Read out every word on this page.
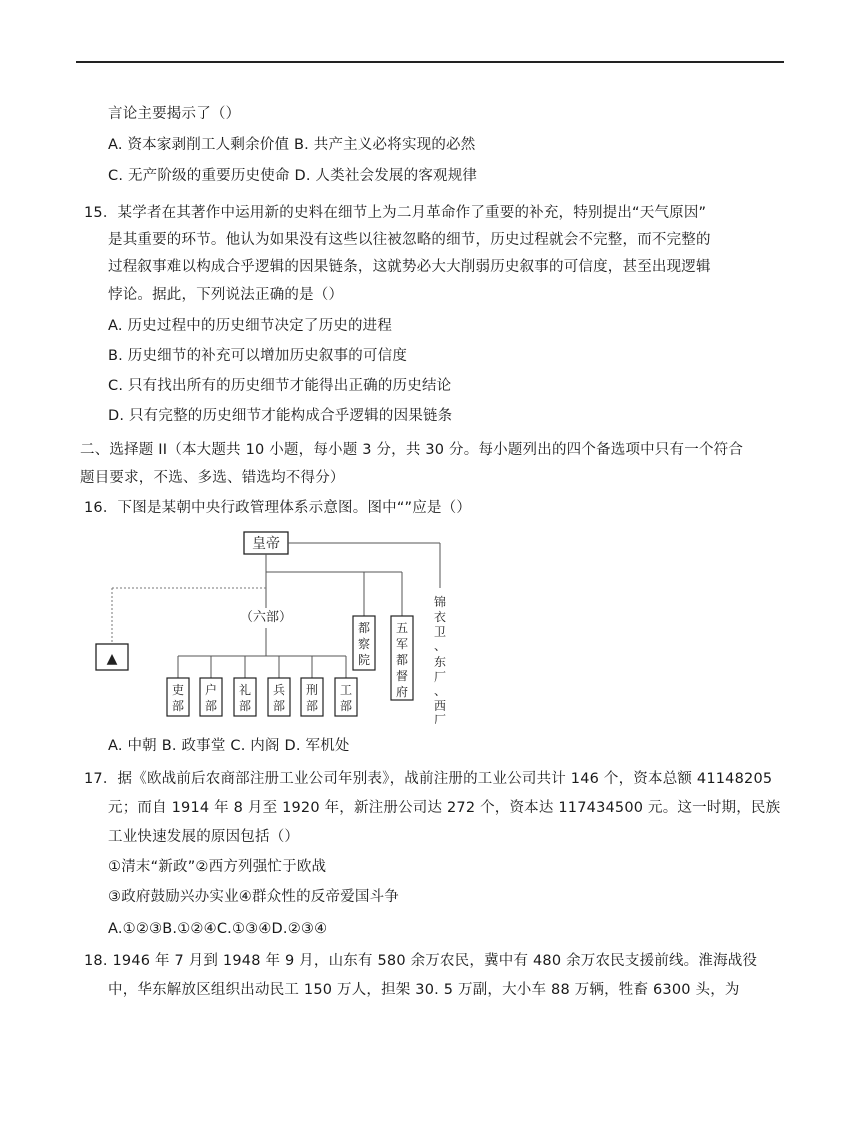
言论主要揭示了（）
A. 资本家剥削工人剩余价值 B. 共产主义必将实现的必然
C. 无产阶级的重要历史使命 D. 人类社会发展的客观规律
15．某学者在其著作中运用新的史料在细节上为二月革命作了重要的补充，特别提出“天气原因”
是其重要的环节。他认为如果没有这些以往被忽略的细节，历史过程就会不完整，而不完整的
过程叙事难以构成合乎逻辑的因果链条，这就势必大大削弱历史叙事的可信度，甚至出现逻辑
悖论。据此，下列说法正确的是（）
A. 历史过程中的历史细节决定了历史的进程
B. 历史细节的补充可以增加历史叙事的可信度
C. 只有找出所有的历史细节才能得出正确的历史结论
D. 只有完整的历史细节才能构成合乎逻辑的因果链条
二、选择题 II（本大题共 10 小题，每小题 3 分，共 30 分。每小题列出的四个备选项中只有一个符合
题目要求，不选、多选、错选均不得分）
16．下图是某朝中央行政管理体系示意图。图中“”应是（）
皇帝
▲
（六部）
吏
部
户
部
礼
部
兵
部
刑
部
工
部
都
察
院
五
军
都
督
府
锦
衣
卫
、
东
厂
、
西
厂
A. 中朝 B. 政事堂 C. 内阁 D. 军机处
17．据《欧战前后农商部注册工业公司年别表》，战前注册的工业公司共计 146 个，资本总额 41148205
元；而自 1914 年 8 月至 1920 年，新注册公司达 272 个，资本达 117434500 元。这一时期，民族
工业快速发展的原因包括（）
①清末“新政”②西方列强忙于欧战
③政府鼓励兴办实业④群众性的反帝爱国斗争
A.①②③B.①②④C.①③④D.②③④
18. 1946 年 7 月到 1948 年 9 月，山东有 580 余万农民，冀中有 480 余万农民支援前线。淮海战役
中，华东解放区组织出动民工 150 万人，担架 30. 5 万副，大小车 88 万辆，牲畜 6300 头，为
